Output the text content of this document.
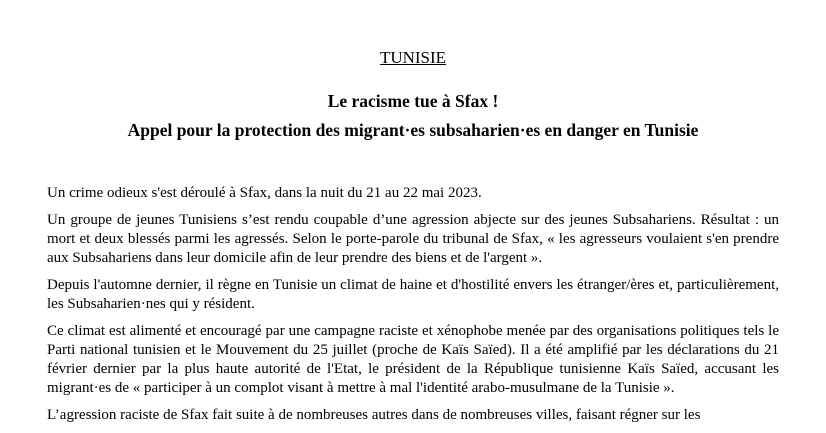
TUNISIE
Le racisme tue à Sfax !
Appel pour la protection des migrant·es subsaharien·es en danger en Tunisie

Un crime odieux s'est déroulé à Sfax, dans la nuit du 21 au 22 mai 2023.

Un groupe de jeunes Tunisiens s’est rendu coupable d’une agression abjecte sur des jeunes Subsahariens. Résultat : un mort et deux blessés parmi les agressés. Selon le porte-parole du tribunal de Sfax, « les agresseurs voulaient s'en prendre aux Subsahariens dans leur domicile afin de leur prendre des biens et de l'argent ».

Depuis l'automne dernier, il règne en Tunisie un climat de haine et d'hostilité envers les étranger/ères et, particulièrement, les Subsaharien·nes qui y résident.

Ce climat est alimenté et encouragé par une campagne raciste et xénophobe menée par des organisations politiques tels le Parti national tunisien et le Mouvement du 25 juillet (proche de Kaïs Saïed). Il a été amplifié par les déclarations du 21 février dernier par la plus haute autorité de l'Etat, le président de la République tunisienne Kaïs Saïed, accusant les migrant·es de « participer à un complot visant à mettre à mal l'identité arabo-musulmane de la Tunisie ».

L’agression raciste de Sfax fait suite à de nombreuses autres dans de nombreuses villes, faisant régner sur les
